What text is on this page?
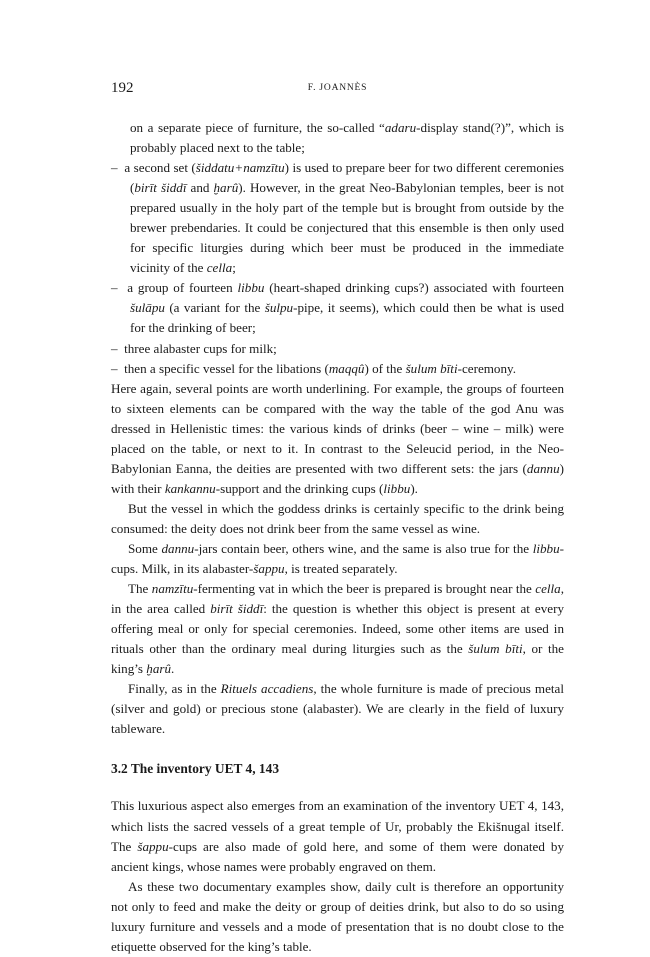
192	F. JOANNÈS

on a separate piece of furniture, the so-called “adaru-display stand(?)”, which is probably placed next to the table;

–  a second set (šiddatu+namzītu) is used to prepare beer for two different ceremonies (birīt šiddī and ḫarû). However, in the great Neo-Babylonian temples, beer is not prepared usually in the holy part of the temple but is brought from outside by the brewer prebendaries. It could be conjectured that this ensemble is then only used for specific liturgies during which beer must be produced in the immediate vicinity of the cella;

–  a group of fourteen libbu (heart-shaped drinking cups?) associated with fourteen šulāpu (a variant for the šulpu-pipe, it seems), which could then be what is used for the drinking of beer;

–  three alabaster cups for milk;

–  then a specific vessel for the libations (maqqû) of the šulum bīti-ceremony.

Here again, several points are worth underlining. For example, the groups of fourteen to sixteen elements can be compared with the way the table of the god Anu was dressed in Hellenistic times: the various kinds of drinks (beer – wine – milk) were placed on the table, or next to it. In contrast to the Seleucid period, in the Neo-Babylonian Eanna, the deities are presented with two different sets: the jars (dannu) with their kankannu-support and the drinking cups (libbu).

But the vessel in which the goddess drinks is certainly specific to the drink being consumed: the deity does not drink beer from the same vessel as wine.

Some dannu-jars contain beer, others wine, and the same is also true for the libbu-cups. Milk, in its alabaster-šappu, is treated separately.

The namzītu-fermenting vat in which the beer is prepared is brought near the cella, in the area called birīt šiddī: the question is whether this object is present at every offering meal or only for special ceremonies. Indeed, some other items are used in rituals other than the ordinary meal during liturgies such as the šulum bīti, or the king’s ḫarû.

Finally, as in the Rituels accadiens, the whole furniture is made of precious metal (silver and gold) or precious stone (alabaster). We are clearly in the field of luxury tableware.

3.2 The inventory UET 4, 143

This luxurious aspect also emerges from an examination of the inventory UET 4, 143, which lists the sacred vessels of a great temple of Ur, probably the Ekišnugal itself. The šappu-cups are also made of gold here, and some of them were donated by ancient kings, whose names were probably engraved on them.

As these two documentary examples show, daily cult is therefore an opportunity not only to feed and make the deity or group of deities drink, but also to do so using luxury furniture and vessels and a mode of presentation that is no doubt close to the etiquette observed for the king’s table.
